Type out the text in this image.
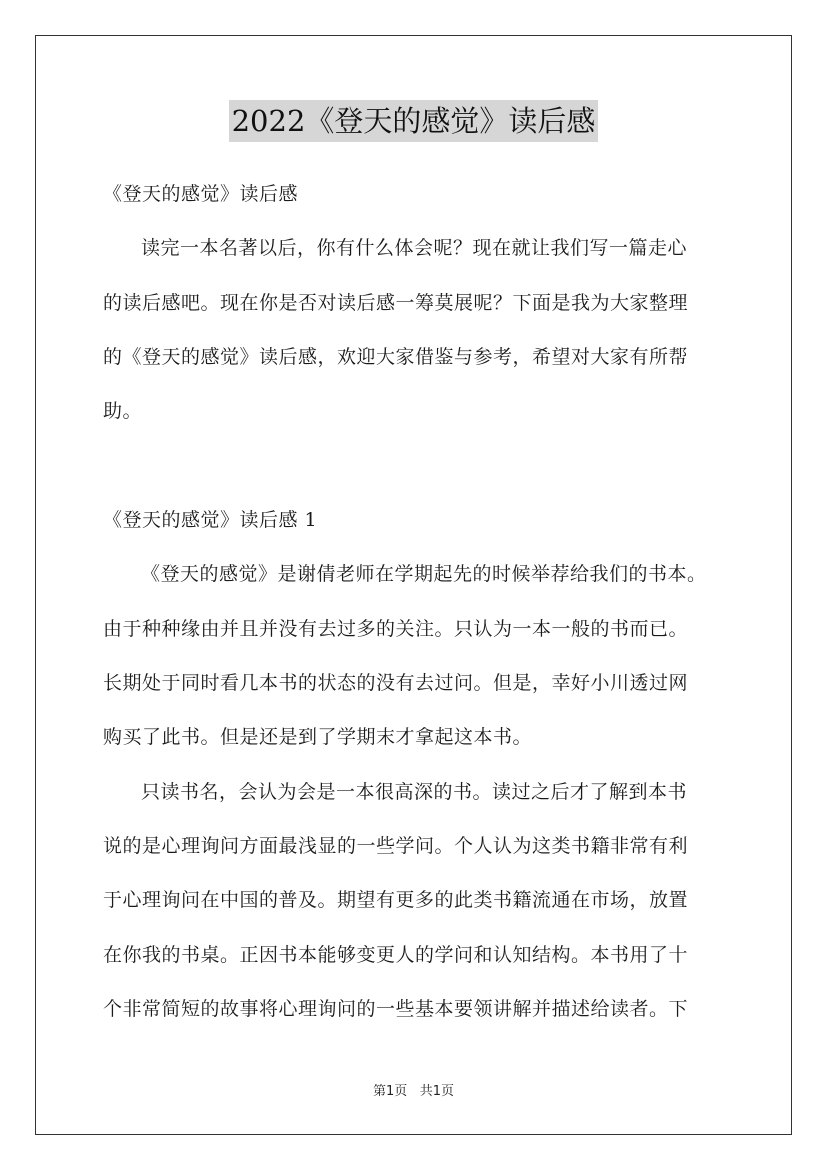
2022《登天的感觉》读后感
《登天的感觉》读后感
读完一本名著以后，你有什么体会呢？现在就让我们写一篇走心
的读后感吧。现在你是否对读后感一筹莫展呢？下面是我为大家整理
的《登天的感觉》读后感，欢迎大家借鉴与参考，希望对大家有所帮
助。
《登天的感觉》读后感 1
《登天的感觉》是谢倩老师在学期起先的时候举荐给我们的书本。
由于种种缘由并且并没有去过多的关注。只认为一本一般的书而已。
长期处于同时看几本书的状态的没有去过问。但是，幸好小川透过网
购买了此书。但是还是到了学期末才拿起这本书。
只读书名，会认为会是一本很高深的书。读过之后才了解到本书
说的是心理询问方面最浅显的一些学问。个人认为这类书籍非常有利
于心理询问在中国的普及。期望有更多的此类书籍流通在市场，放置
在你我的书桌。正因书本能够变更人的学问和认知结构。本书用了十
个非常简短的故事将心理询问的一些基本要领讲解并描述给读者。下
第1页 共1页
